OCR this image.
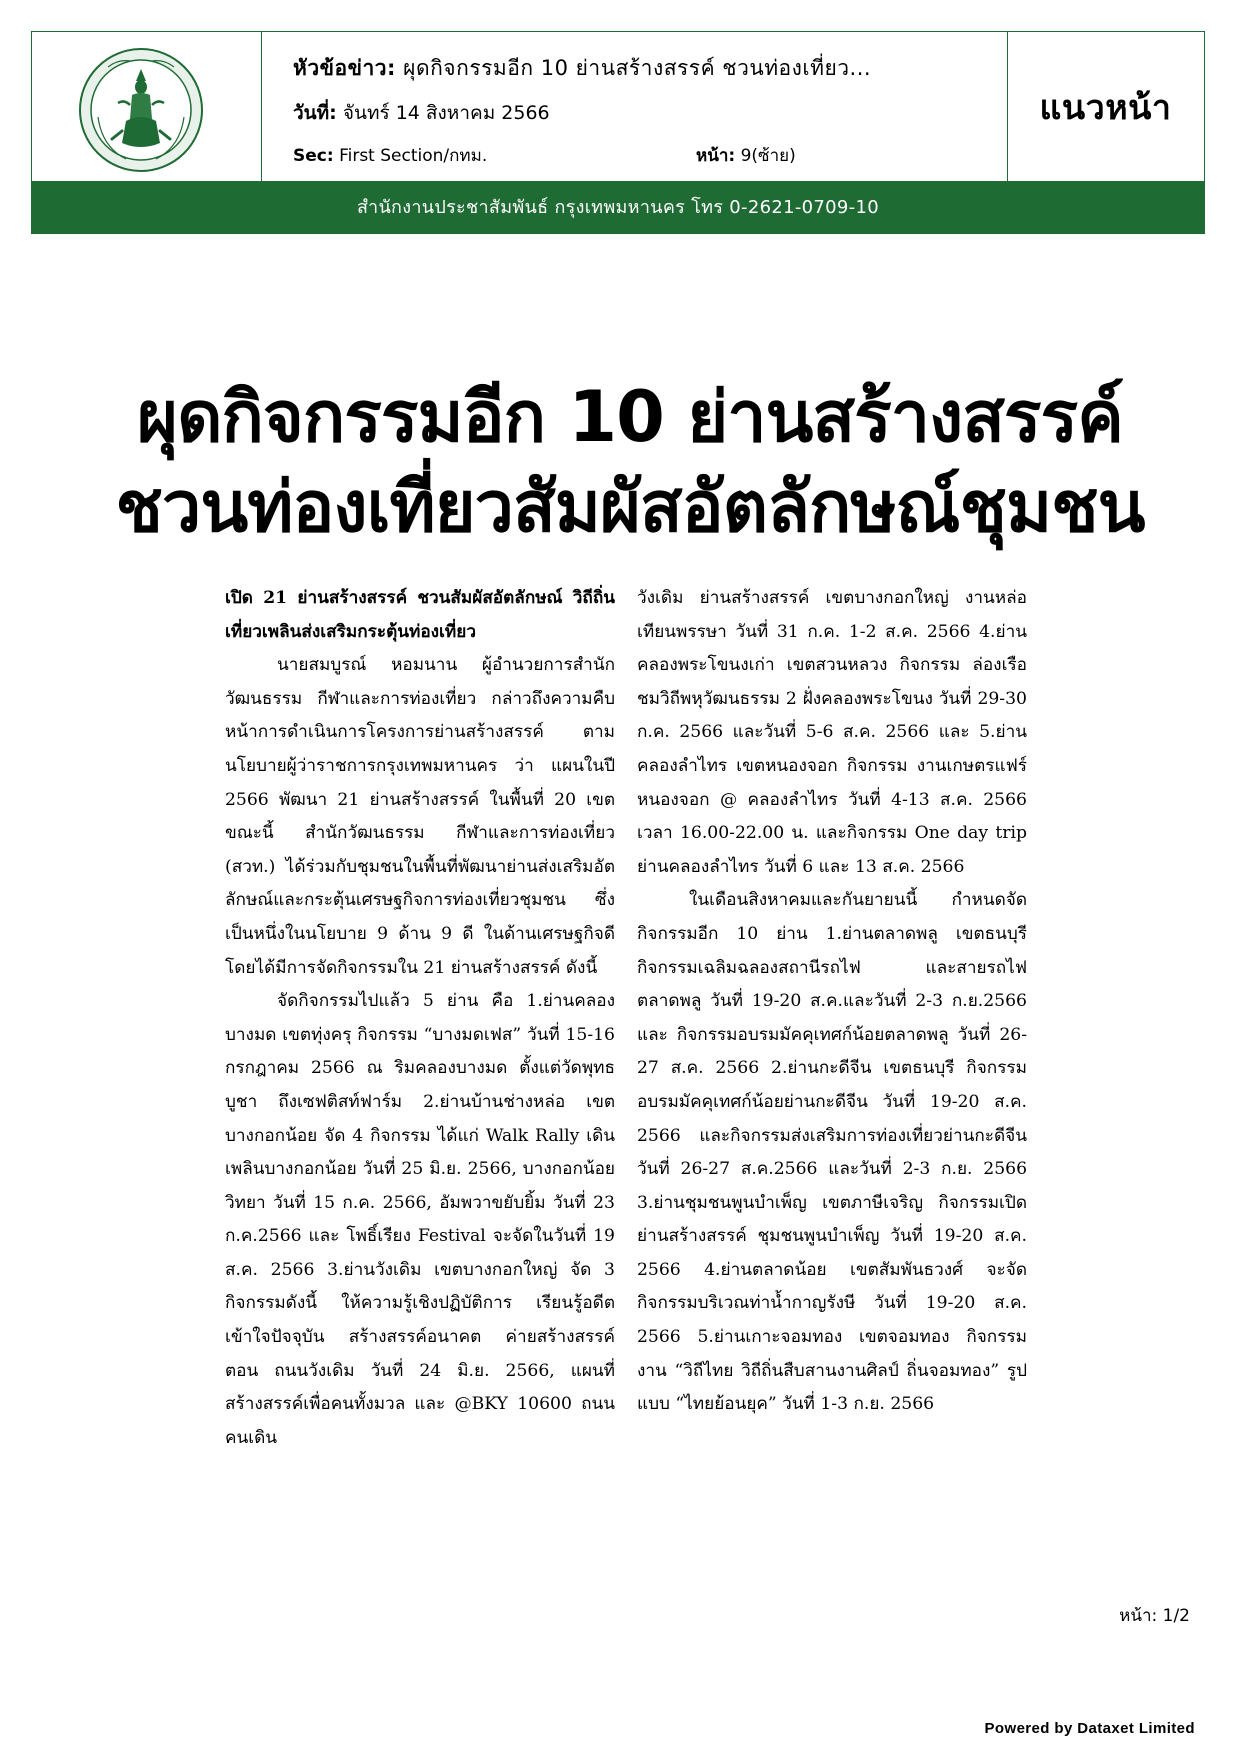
หัวข้อข่าว: ผุดกิจกรรมอีก 10 ย่านสร้างสรรค์ ชวนท่องเที่ยว...
วันที่: จันทร์ 14 สิงหาคม 2566
Sec: First Section/กทม.	หน้า: 9(ซ้าย)
แนวหน้า
สำนักงานประชาสัมพันธ์ กรุงเทพมหานคร โทร 0-2621-0709-10
ผุดกิจกรรมอีก 10 ย่านสร้างสรรค์
ชวนท่องเที่ยวสัมผัสอัตลักษณ์ชุมชน

เปิด 21 ย่านสร้างสรรค์ ชวนสัมผัสอัตลักษณ์ วิถีถิ่น เที่ยวเพลินส่งเสริมกระตุ้นท่องเที่ยว

นายสมบูรณ์ หอมนาน ผู้อำนวยการสำนักวัฒนธรรม กีฬาและการท่องเที่ยว กล่าวถึงความคืบหน้าการดำเนินการโครงการย่านสร้างสรรค์ ตามนโยบายผู้ว่าราชการกรุงเทพมหานคร ว่า แผนในปี 2566 พัฒนา 21 ย่านสร้างสรรค์ ในพื้นที่ 20 เขต ขณะนี้ สำนักวัฒนธรรม กีฬาและการท่องเที่ยว (สวท.) ได้ร่วมกับชุมชนในพื้นที่พัฒนาย่านส่งเสริมอัตลักษณ์และกระตุ้นเศรษฐกิจการท่องเที่ยวชุมชน ซึ่งเป็นหนึ่งในนโยบาย 9 ด้าน 9 ดี ในด้านเศรษฐกิจดี โดยได้มีการจัดกิจกรรมใน 21 ย่านสร้างสรรค์ ดังนี้

จัดกิจกรรมไปแล้ว 5 ย่าน คือ 1.ย่านคลองบางมด เขตทุ่งครุ กิจกรรม “บางมดเฟส” วันที่ 15-16 กรกฎาคม 2566 ณ ริมคลองบางมด ตั้งแต่วัดพุทธบูชา ถึงเซฟติสท์ฟาร์ม 2.ย่านบ้านช่างหล่อ เขตบางกอกน้อย จัด 4 กิจกรรม ได้แก่ Walk Rally เดินเพลินบางกอกน้อย วันที่ 25 มิ.ย. 2566, บางกอกน้อยวิทยา วันที่ 15 ก.ค. 2566, อัมพวาขยับยิ้ม วันที่ 23 ก.ค.2566 และ โพธิ์เรียง Festival จะจัดในวันที่ 19 ส.ค. 2566 3.ย่านวังเดิม เขตบางกอกใหญ่ จัด 3 กิจกรรมดังนี้ ให้ความรู้เชิงปฏิบัติการ เรียนรู้อดีต เข้าใจปัจจุบัน สร้างสรรค์อนาคต ค่ายสร้างสรรค์ ตอน ถนนวังเดิม วันที่ 24 มิ.ย. 2566, แผนที่สร้างสรรค์เพื่อคนทั้งมวล และ @BKY 10600 ถนนคนเดิน

วังเดิม ย่านสร้างสรรค์ เขตบางกอกใหญ่ งานหล่อเทียนพรรษา วันที่ 31 ก.ค. 1-2 ส.ค. 2566 4.ย่านคลองพระโขนงเก่า เขตสวนหลวง กิจกรรม ล่องเรือชมวิถีพหุวัฒนธรรม 2 ฝั่งคลองพระโขนง วันที่ 29-30 ก.ค. 2566 และวันที่ 5-6 ส.ค. 2566 และ 5.ย่านคลองลำไทร เขตหนองจอก กิจกรรม งานเกษตรแฟร์ หนองจอก @ คลองลำไทร วันที่ 4-13 ส.ค. 2566 เวลา 16.00-22.00 น. และกิจกรรม One day trip ย่านคลองลำไทร วันที่ 6 และ 13 ส.ค. 2566

ในเดือนสิงหาคมและกันยายนนี้ กำหนดจัดกิจกรรมอีก 10 ย่าน 1.ย่านตลาดพลู เขตธนบุรี กิจกรรมเฉลิมฉลองสถานีรถไฟ และสายรถไฟตลาดพลู วันที่ 19-20 ส.ค.และวันที่ 2-3 ก.ย.2566 และ กิจกรรมอบรมมัคคุเทศก์น้อยตลาดพลู วันที่ 26-27 ส.ค. 2566 2.ย่านกะดีจีน เขตธนบุรี กิจกรรมอบรมมัคคุเทศก์น้อยย่านกะดีจีน วันที่ 19-20 ส.ค. 2566 และกิจกรรมส่งเสริมการท่องเที่ยวย่านกะดีจีน วันที่ 26-27 ส.ค.2566 และวันที่ 2-3 ก.ย. 2566 3.ย่านชุมชนพูนบำเพ็ญ เขตภาษีเจริญ กิจกรรมเปิดย่านสร้างสรรค์ ชุมชนพูนบำเพ็ญ วันที่ 19-20 ส.ค. 2566 4.ย่านตลาดน้อย เขตสัมพันธวงศ์ จะจัดกิจกรรมบริเวณท่าน้ำกาญรังษี วันที่ 19-20 ส.ค. 2566 5.ย่านเกาะจอมทอง เขตจอมทอง กิจกรรม งาน “วิถีไทย วิถีถิ่นสืบสานงานศิลป์ ถิ่นจอมทอง” รูปแบบ “ไทยย้อนยุค” วันที่ 1-3 ก.ย. 2566

หน้า: 1/2
Powered by Dataxet Limited
